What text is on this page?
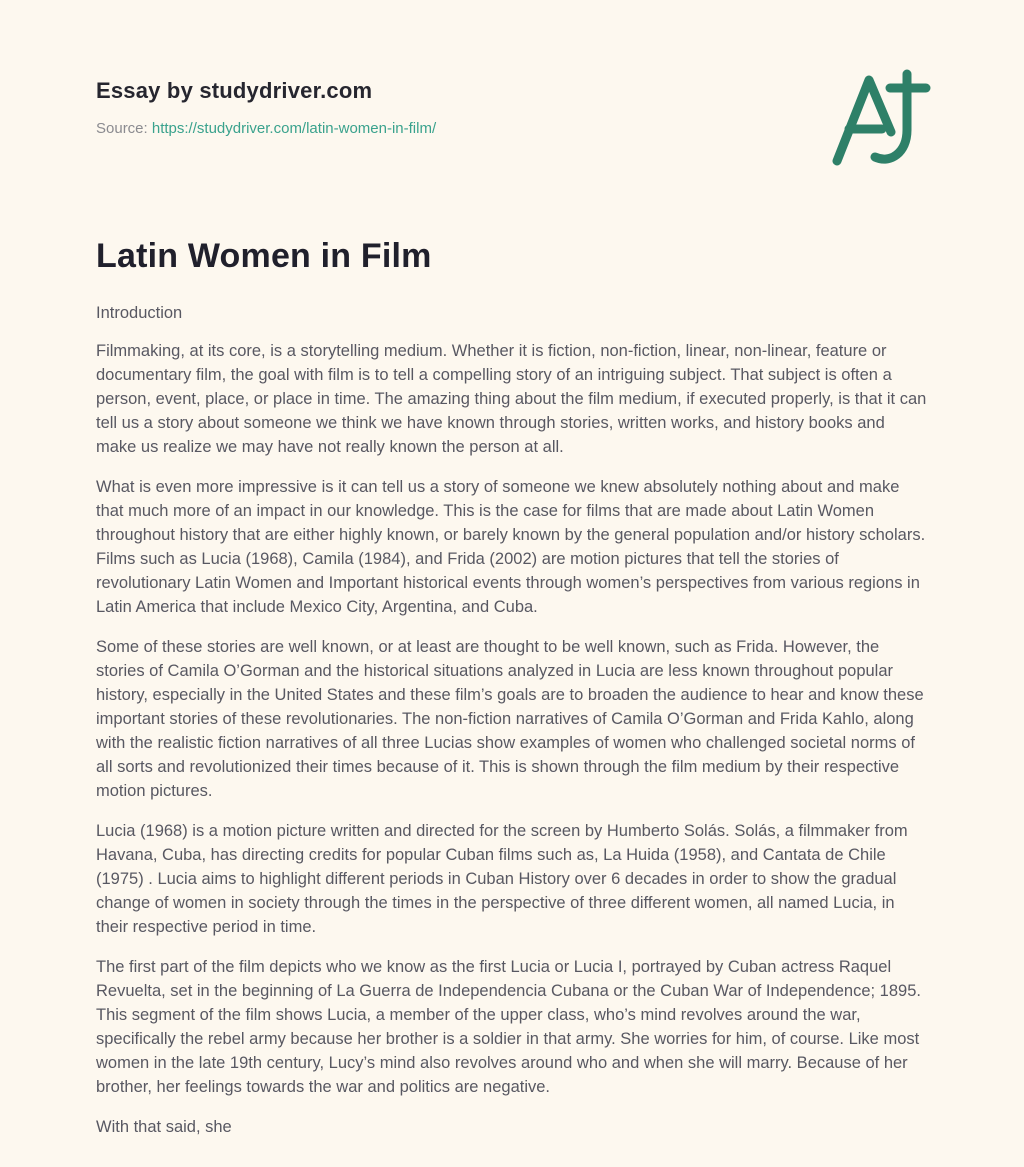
Essay by studydriver.com
Source: https://studydriver.com/latin-women-in-film/
Latin Women in Film
Introduction

Filmmaking, at its core, is a storytelling medium. Whether it is fiction, non-fiction, linear, non-linear, feature or documentary film, the goal with film is to tell a compelling story of an intriguing subject. That subject is often a person, event, place, or place in time. The amazing thing about the film medium, if executed properly, is that it can tell us a story about someone we think we have known through stories, written works, and history books and make us realize we may have not really known the person at all.

What is even more impressive is it can tell us a story of someone we knew absolutely nothing about and make that much more of an impact in our knowledge. This is the case for films that are made about Latin Women throughout history that are either highly known, or barely known by the general population and/or history scholars. Films such as Lucia (1968), Camila (1984), and Frida (2002) are motion pictures that tell the stories of revolutionary Latin Women and Important historical events through women’s perspectives from various regions in Latin America that include Mexico City, Argentina, and Cuba.

Some of these stories are well known, or at least are thought to be well known, such as Frida. However, the stories of Camila O’Gorman and the historical situations analyzed in Lucia are less known throughout popular history, especially in the United States and these film’s goals are to broaden the audience to hear and know these important stories of these revolutionaries. The non-fiction narratives of Camila O’Gorman and Frida Kahlo, along with the realistic fiction narratives of all three Lucias show examples of women who challenged societal norms of all sorts and revolutionized their times because of it. This is shown through the film medium by their respective motion pictures.

Lucia (1968) is a motion picture written and directed for the screen by Humberto Solás. Solás, a filmmaker from Havana, Cuba, has directing credits for popular Cuban films such as, La Huida (1958), and Cantata de Chile (1975) . Lucia aims to highlight different periods in Cuban History over 6 decades in order to show the gradual change of women in society through the times in the perspective of three different women, all named Lucia, in their respective period in time.

The first part of the film depicts who we know as the first Lucia or Lucia I, portrayed by Cuban actress Raquel Revuelta, set in the beginning of La Guerra de Independencia Cubana or the Cuban War of Independence; 1895. This segment of the film shows Lucia, a member of the upper class, who’s mind revolves around the war, specifically the rebel army because her brother is a soldier in that army. She worries for him, of course. Like most women in the late 19th century, Lucy’s mind also revolves around who and when she will marry. Because of her brother, her feelings towards the war and politics are negative.

With that said, she
